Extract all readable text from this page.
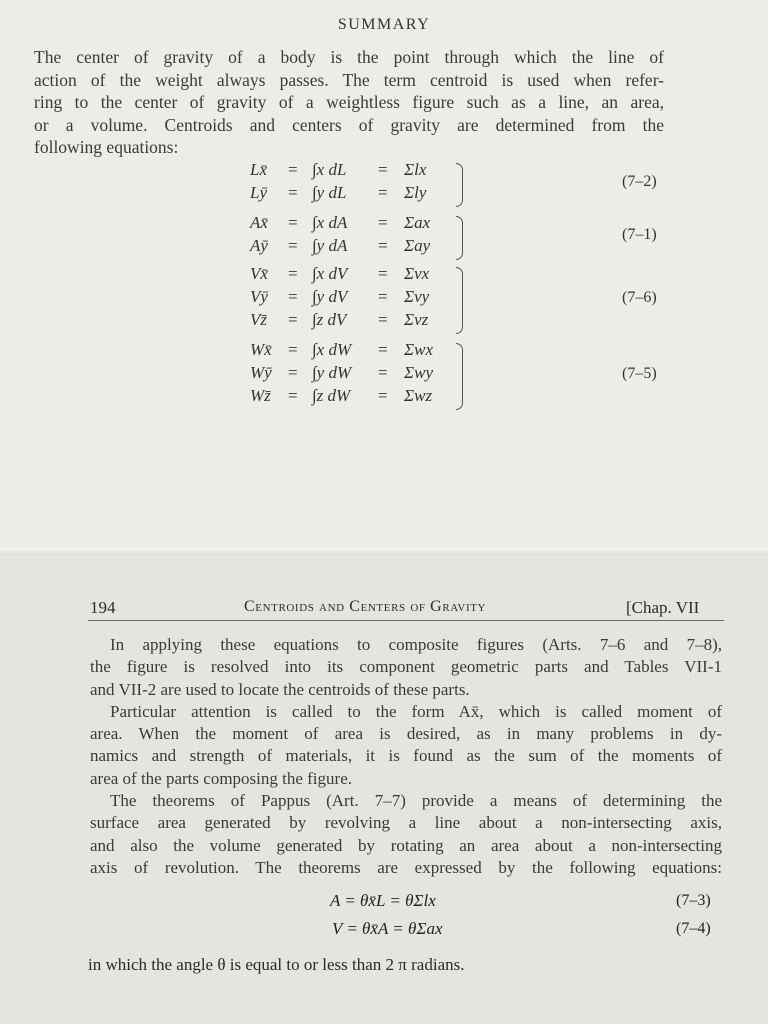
SUMMARY
The center of gravity of a body is the point through which the line of
action of the weight always passes. The term centroid is used when refer-
ring to the center of gravity of a weightless figure such as a line, an area,
or a volume. Centroids and centers of gravity are determined from the
following equations:
Lx̄ = ∫x dL = Σlx
Lȳ = ∫y dL = Σly
(7–2)
Ax̄ = ∫x dA = Σax
Aȳ = ∫y dA = Σay
(7–1)
Vx̄ = ∫x dV = Σvx
Vȳ = ∫y dV = Σvy
Vz̄ = ∫z dV = Σvz
(7–6)
Wx̄ = ∫x dW = Σwx
Wȳ = ∫y dW = Σwy
Wz̄ = ∫z dW = Σwz
(7–5)
194	Centroids and Centers of Gravity	[Chap. VII
In applying these equations to composite figures (Arts. 7–6 and 7–8),
the figure is resolved into its component geometric parts and Tables VII-1
and VII-2 are used to locate the centroids of these parts.
Particular attention is called to the form Ax̄, which is called moment of
area. When the moment of area is desired, as in many problems in dy-
namics and strength of materials, it is found as the sum of the moments of
area of the parts composing the figure.
The theorems of Pappus (Art. 7–7) provide a means of determining the
surface area generated by revolving a line about a non-intersecting axis,
and also the volume generated by rotating an area about a non-intersecting
axis of revolution. The theorems are expressed by the following equations:
A = θx̄L = θΣlx	(7–3)
V = θx̄A = θΣax	(7–4)
in which the angle θ is equal to or less than 2 π radians.
